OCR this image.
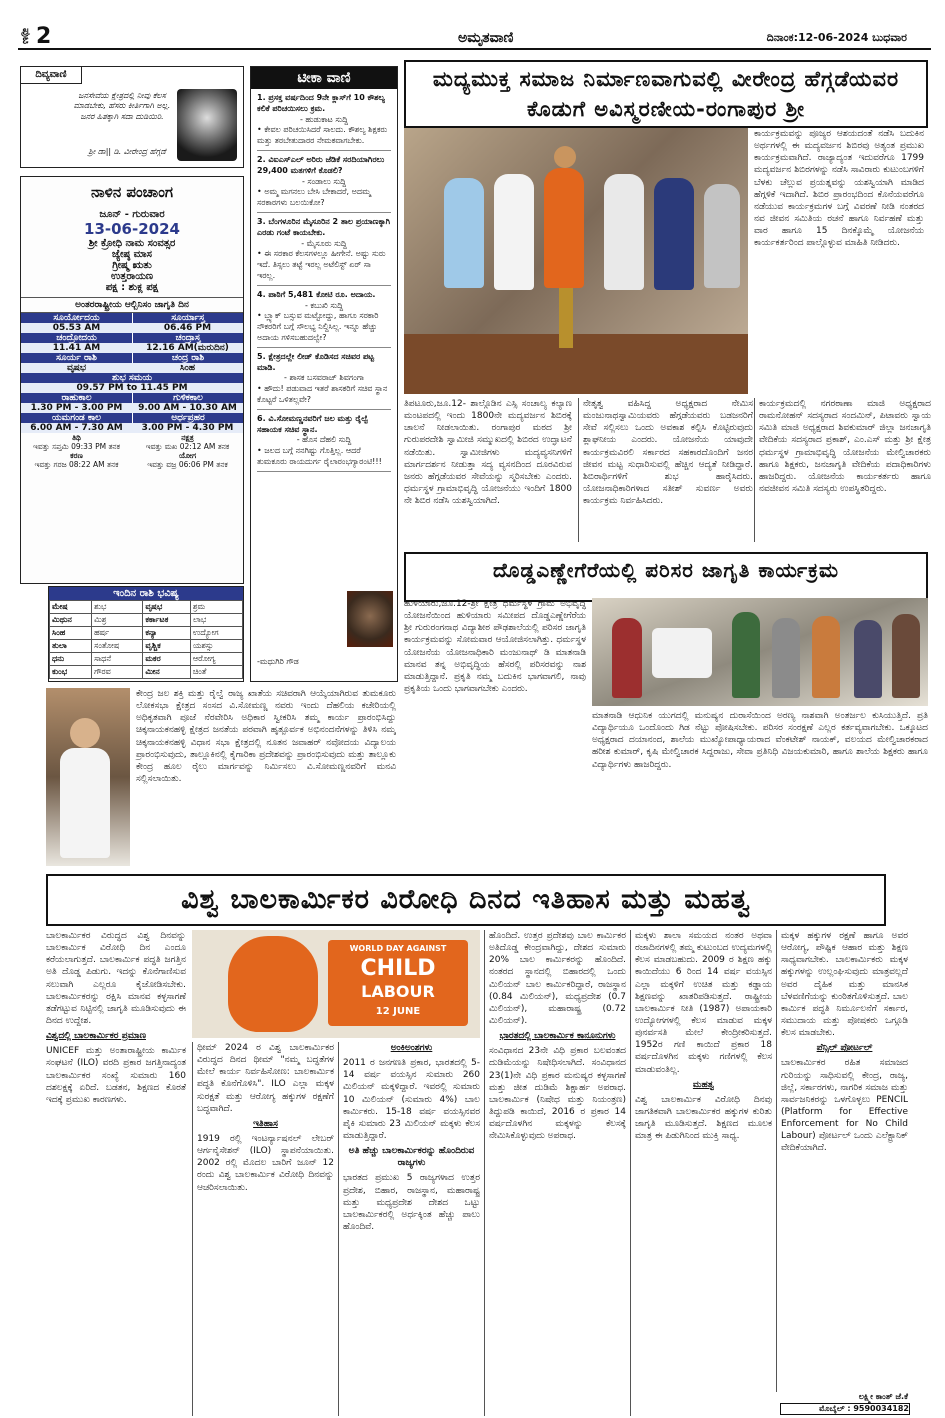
ಪುಟ 2	ಅಮೃತವಾಣಿ	ದಿನಾಂಕ:12-06-2024 ಬುಧವಾರ
ದಿವ್ಯವಾಣಿ
ಜನಸೇವೆಯ ಕ್ಷೇತ್ರದಲ್ಲಿ ನೀವು ಕೆಲಸ ಮಾಡಬೇಕು, ಹೆಸರು ಕೀರ್ತಿಗಾಗಿ ಅಲ್ಲ. ಜನರ ಹಿತಕ್ಕಾಗಿ ಸದಾ ದುಡಿಯಿರಿ.
ಶ್ರೀ ಡಾ|| ಡಿ. ವೀರೇಂದ್ರ ಹೆಗ್ಗಡೆ
ನಾಳಿನ ಪಂಚಾಂಗ
ಜೂನ್ - ಗುರುವಾರ
13-06-2024
ಶ್ರೀ ಕ್ರೋಧಿ ನಾಮ ಸಂವತ್ಸರ
ಜ್ಯೇಷ್ಠ ಮಾಸ
ಗ್ರೀಷ್ಮ ಋತು
ಉತ್ತರಾಯಣ
ಪಕ್ಷ : ಶುಕ್ಲ ಪಕ್ಷ
ಅಂತರರಾಷ್ಟ್ರೀಯ ಆಲ್ಬಿನಿಸಂ ಜಾಗೃತಿ ದಿನ
ಸೂರ್ಯೋದಯ	ಸೂರ್ಯಾಸ್ತ
05.53 AM	06.46 PM
ಚಂದ್ರೋದಯ	ಚಂದ್ರಾಸ್ತ
11.41 AM	12.16 AM(ಮರುದಿನ)
ಸೂರ್ಯ ರಾಶಿ	ಚಂದ್ರ ರಾಶಿ
ವೃಷಭ	ಸಿಂಹ
ಶುಭ ಸಮಯ
09.57 PM to 11.45 PM
ರಾಹುಕಾಲ	ಗುಳಿಕಕಾಲ
1.30 PM - 3.00 PM	9.00 AM - 10.30 AM
ಯಮಗಂಡ ಕಾಲ	ಅರ್ಧಪ್ರಹರ
6.00 AM - 7.30 AM	3.00 PM - 4.30 PM
ತಿಥಿ	ನಕ್ಷತ್ರ
ಇವತ್ತು ಸಪ್ತಮಿ 09:33 PM ತನಕ	ಇವತ್ತು ಮಖ 02:12 AM ತನಕ
ಕರಣ	ಯೋಗ
ಇವತ್ತು ಗರಜ 08:22 AM ತನಕ	ಇವತ್ತು ವಜ್ರ 06:06 PM ತನಕ
ಇಂದಿನ ರಾಶಿ ಭವಿಷ್ಯ
ಮೇಷ	ಶುಭ	ವೃಷಭ	ಶ್ರಮ
ಮಿಥುನ	ಮಿಶ್ರ	ಕರ್ಕಾಟಕ	ಲಾಭ
ಸಿಂಹ	ಹರ್ಷ	ಕನ್ಯಾ	ಉದ್ಯೋಗ
ತುಲಾ	ಸಂತೋಷ	ವೃಶ್ಚಿಕ	ಯಶಸ್ಸು
ಧನು	ಸಾಧನೆ	ಮಕರ	ಆರೋಗ್ಯ
ಕುಂಭ	ಗೌರವ	ಮೀನ	ಚಿಂತೆ
ಟೀಕಾ ವಾಣಿ
1. ಪ್ರಸಕ್ತ ವರ್ಷದಿಂದ 9ನೇ ಕ್ಲಾಸ್‌ಗೆ 10 ಕೌಶಲ್ಯ ಕಲಿಕೆ ಪರಿಚಯಿಸಲು ಕ್ರಮ.
- ಹುಡುಕಾಟ ಸುದ್ದಿ
• ಕೇವಲ ಪರಿಚಯಿಸಿದರೆ ಸಾಲದು. ಕೌಶಲ್ಯ ಶಿಕ್ಷಕರು ಮತ್ತು ತರಬೇತುದಾರರ ನೇಮಕವಾಗಬೇಕು.
2. ವಿಐಎಸ್‌ಎಲ್ ಅರಿರು ಜೆಡಿಕೆ ಸರದಿಯಾಗಿರಲು 29,400 ಮತಗಳಿಗೆ ಕೊಡಲಿ?
- ಸಂಡಾಲು ಸುದ್ದಿ
• ಅಮ್ಮ ಮಗನಲು ಬೇಸಿ ಬೇಕಾದರೆ, ಅದಮ್ಮ ಸರಕಾರಗಳು ಬಲಯಿಕೋ?
3. ಬೆಂಗಳೂರಿನ ಮೈಸೂರಿನ 2 ತಾಲ ಪ್ರಯಾಣಕ್ಕಾಗಿ ಎರಡು ಗಂಟೆ ಕಾಯಬೇಕು.
- ಮೈಸೂರು ಸುದ್ದಿ
• ಈ ಸರಕಾರ ಕೆಲಸಗಳಲ್ಲೂ ಹೀಗೇನೆ. ಅಷ್ಟು ಸುರು ಇದೆ. ತಿಸ್ಸಲು ತಟ್ಟೆ ಇರಲ್ಲ ಅಟೆಲಿಸ್ಟ್ ಏರ್ ಸಾ ಇರಲ್ಲ.
4. ಪಾಠಿಗೆ 5,481 ಕೋಟಿ ರೂ. ಅದಾಯ.
- ಕಬುಖಿ ಸುದ್ದಿ
• ಬ್ಲ್ಯಾಕ್ ಬಸ್ಸುವ ಮಟ್ಟೋದ್ದು, ಹಾಗೂ ಸರಕಾರಿ ನೌಕರರಿಗೆ ಬಗ್ಗೆ ಸೌಲಭ್ಯ ನಿಲ್ದಿಸಿಲ್ಲ. ಇನ್ನೂ ಹೆಚ್ಚು ಅದಾಯ ಗಳಿಸಬಹುದಲ್ವೇ?
5. ಕ್ಷೇತ್ರದಲ್ಲೇ ಲೀಡ್ ಕೊಡಿಸದ ಸಚಿವರ ಪಟ್ಟ ಮಾಡಿ.
- ಶಾಸಕ ಬಸವರಾಜ್ ಶಿವಗಂಗಾ
• ಹೌದು! ಪಡುವಾದ ಇತರೆ ಶಾಸಕರಿಗೆ ಸಚಿವ ಸ್ಥಾನ ಕೊಟ್ಟರೆ ಒಳಿತಲ್ಲವೇ?
6. ವಿ.ಸೋಮಣ್ಣನವರಿಗೆ ಜಲ ಮತ್ತು ರೈಲ್ವೆ ಸಹಾಯಕ ಸಚಿವ ಸ್ಥಾನ.
- ಹೊಸ ದೆಹಲಿ ಸುದ್ದಿ
• ಜಲದ ಬಗ್ಗೆ ನನಗಿಷ್ಟು ಗೊತ್ತಿಲ್ಲ. ಆದರೆ ತುಮಕೂರು ರಾಯದುರ್ಗ ರೈಲಾರಂಭಗ್ಯಾರಂಟಿ!!!
-ಮಧುಗಿರಿ ಗೌಡ
ಮದ್ಯಮುಕ್ತ ಸಮಾಜ ನಿರ್ಮಾಣವಾಗುವಲ್ಲಿ ವೀರೇಂದ್ರ ಹೆಗ್ಗಡೆಯವರ ಕೊಡುಗೆ ಅವಿಸ್ಮರಣೀಯ-ರಂಗಾಪುರ ಶ್ರೀ
ಕಾರ್ಯಕ್ರಮವನ್ನು ಪೂಜ್ಯರ ಆಶಯದಂತೆ ನಡೆಸಿ ಬದುಕಿನ ಅರ್ಥಗಳಲ್ಲಿ ಈ ಮದ್ಯವರ್ಜನ ಶಿಬಿರವು ಅತ್ಯಂತ ಪ್ರಮುಖ ಕಾರ್ಯಕ್ರಮವಾಗಿದೆ. ರಾಜ್ಯಾದ್ಯಂತ ಇದುವರೆಗೂ 1799 ಮದ್ಯವರ್ಜನ ಶಿಬಿರಗಳನ್ನು ನಡೆಸಿ ಸಾವಿರಾರು ಕುಟುಂಬಗಳಿಗೆ ಬೆಳಕು ಚೆಲ್ಲುವ ಪ್ರಯತ್ನವನ್ನು ಯಶಸ್ವಿಯಾಗಿ ಮಾಡಿದ ಹೆಗ್ಗಳಿಕೆ ಇದಾಗಿದೆ. ಶಿಬಿರ ಪ್ರಾರಂಭದಿಂದ ಕೊನೆಯವರೆಗೂ ನಡೆಯುವ ಕಾರ್ಯಕ್ರಮಗಳ ಬಗ್ಗೆ ವಿವರಣೆ ನೀಡಿ ನಂತರದ ನವ ಜೀವನ ಸಮಿತಿಯ ರಚನೆ ಹಾಗೂ ನಿರ್ವಹಣೆ ಮತ್ತು ವಾರ ಹಾಗೂ 15 ದಿನಕ್ಕೊಮ್ಮೆ ಯೋಜನೆಯ ಕಾರ್ಯಕರ್ತರಿಂದ ಪಾಲ್ಗೊಳ್ಳುವ ಮಾಹಿತಿ ನೀಡಿದರು.
ತಿಪಟೂರು,ಜೂ.12- ಶಾಲ್ಗೊಡಿನ ಎಸ್ಸಿ ಸಂಚಾಲ್ಯ ಕಲ್ಯಾಣ ಮಂಟಪದಲ್ಲಿ ಇಂದು 1800ನೇ ಮದ್ಯವರ್ಜನ ಶಿಬಿರಕ್ಕೆ ಚಾಲನೆ ನೀಡಲಾಯಿತು. ರಂಗಾಪುರ ಮಠದ ಶ್ರೀ ಗುರುಪರದೇಶಿ ಸ್ವಾಮೀಜಿ ಸಮ್ಮುಖದಲ್ಲಿ ಶಿಬಿರದ ಉದ್ಘಾಟನೆ ನಡೆಯಿತು. ಸ್ವಾಮೀಜಿಗಳು ಮದ್ಯವ್ಯಸನಿಗಳಿಗೆ ಮಾರ್ಗದರ್ಶನ ನೀಡುತ್ತಾ ಸದ್ಯ ವ್ಯಸನದಿಂದ ದೂರವಿರುವ ಜನರು ಹೆಗ್ಗಡೆಯವರ ಸೇವೆಯನ್ನು ಸ್ಮರಿಸಬೇಕು ಎಂದರು. ಧರ್ಮಸ್ಥಳ ಗ್ರಾಮಾಭಿವೃದ್ಧಿ ಯೋಜನೆಯು ಇಂದಿಗೆ 1800 ನೇ ಶಿಬಿರ ನಡೆಸಿ ಯಶಸ್ವಿಯಾಗಿದೆ.
ನೇತೃತ್ವ ವಹಿಸಿದ್ದ ಅಧ್ಯಕ್ಷರಾದ ನೇಮಿಸ ಮಂಜುನಾಥಸ್ವಾಮಿಯವರು ಹೆಗ್ಗಡೆಯವರು ಬಡಜನರಿಗೆ ಸೇವೆ ಸಲ್ಲಿಸಲು ಒಂದು ಅವಕಾಶ ಕಲ್ಪಿಸಿ ಕೊಟ್ಟಿರುವುದು ಶ್ಲಾಘನೀಯ ಎಂದರು. ಯೋಜನೆಯ ಯಾವುದೇ ಕಾರ್ಯಕ್ರಮವಿರಲಿ ಸರ್ಕಾರದ ಸಹಕಾರದೊಂದಿಗೆ ಜನರ ಜೀವನ ಮಟ್ಟ ಸುಧಾರಿಸುವಲ್ಲಿ ಹೆಚ್ಚಿನ ಆದ್ಯತೆ ನೀಡಿದ್ದಾರೆ. ಶಿಬಿರಾರ್ಥಿಗಳಿಗೆ ಶುಭ ಹಾರೈಸಿದರು. ಯೋಜನಾಧಿಕಾರಿಗಳಾದ ಸತೀಶ್ ಸುವರ್ಣ ಅವರು ಕಾರ್ಯಕ್ರಮ ನಿರ್ವಹಿಸಿದರು.
ಕಾರ್ಯಕ್ರಮದಲ್ಲಿ ನಗರಠಾಣಾ ಮಾಜಿ ಅಧ್ಯಕ್ಷರಾದ ರಾಮನೋಹನ್ ಸದಸ್ಯರಾದ ಸಂದಮಿನ್, ಪಿಟಾವರು ಸ್ವಾಯ ಸಮಿತಿ ಮಾಜಿ ಅಧ್ಯಕ್ಷರಾದ ಶಿವಕುಮಾರ್ ಜಿಲ್ಲಾ ಜನಜಾಗೃತಿ ವೇದಿಕೆಯ ಸದಸ್ಯರಾದ ಪ್ರಕಾಶ್, ಎಂ.ಎಸ್ ಮತ್ತು ಶ್ರೀ ಕ್ಷೇತ್ರ ಧರ್ಮಸ್ಥಳ ಗ್ರಾಮಾಭಿವೃದ್ಧಿ ಯೋಜನೆಯ ಮೇಲ್ವಿಚಾರಕರು ಹಾಗೂ ಶಿಕ್ಷಕರು, ಜನಜಾಗೃತಿ ವೇದಿಕೆಯ ಪದಾಧಿಕಾರಿಗಳು ಹಾಜರಿದ್ದರು. ಯೋಜನೆಯ ಕಾರ್ಯಕರ್ತರು ಹಾಗೂ ನವಜೀವನ ಸಮಿತಿ ಸದಸ್ಯರು ಉಪಸ್ಥಿತರಿದ್ದರು.
ದೊಡ್ಡಎಣ್ಣೇಗೆರೆಯಲ್ಲಿ ಪರಿಸರ ಜಾಗೃತಿ ಕಾರ್ಯಕ್ರಮ
ಹುಳಿಯಾರು,ಜೂ.12-ಶ್ರೀ ಕ್ಷೇತ್ರ ಧರ್ಮಸ್ಥಳ ಗ್ರಾಮ ಅಭಿವೃದ್ಧಿ ಯೋಜನೆಯಿಂದ ಹುಳಿಯಾರು ಸಮೀಪದ ದೊಡ್ಡಎಣ್ಣೇಗೆರೆಯ ಶ್ರೀ ಗುರುರಂಗನಾಥ ವಿದ್ಯಾಶೀಠ ಪೌಢಶಾಲೆಯಲ್ಲಿ ಪರಿಸರ ಜಾಗೃತಿ ಕಾರ್ಯಕ್ರಮವನ್ನು ಸೋಮವಾರ ಆಯೋಜಿಸಲಾಗಿತ್ತು. ಧರ್ಮಸ್ಥಳ ಯೋಜನೆಯ ಯೋಜನಾಧಿಕಾರಿ ಮಂಜುನಾಥ್ ಡಿ ಮಾತನಾಡಿ ಮಾನವ ತನ್ನ ಅಭಿವೃದ್ಧಿಯ ಹೆಸರಲ್ಲಿ ಪರಿಸರವನ್ನು ನಾಶ ಮಾಡುತ್ತಿದ್ದಾನೆ. ಪ್ರಕೃತಿ ನಮ್ಮ ಬದುಕಿನ ಭಾಗವಾಗಲಿ, ನಾವು ಪ್ರಕೃತಿಯ ಒಂದು ಭಾಗವಾಗಬೇಕು ಎಂದರು.
ಮಾತನಾಡಿ ಆಧುನಿಕ ಯುಗದಲ್ಲಿ ಮನುಷ್ಯನ ದುರಾಸೆಯಿಂದ ಅರಣ್ಯ ನಾಶವಾಗಿ ಅಂತರ್ಜಲ ಕುಸಿಯುತ್ತಿದೆ. ಪ್ರತಿ ವಿದ್ಯಾರ್ಥಿಯೂ ಒಂದೊಂದು ಗಿಡ ನೆಟ್ಟು ಪೋಷಿಸಬೇಕು. ಪರಿಸರ ಸಂರಕ್ಷಣೆ ಎಲ್ಲರ ಕರ್ತವ್ಯವಾಗಬೇಕು. ಒಕ್ಕೂಟದ ಅಧ್ಯಕ್ಷರಾದ ದಯಾನಂದ, ಶಾಲೆಯ ಮುಖ್ಯೋಪಾಧ್ಯಾಯರಾದ ವೆಂಕಟೇಶ್ ನಾಯಕ್, ವಲಯದ ಮೇಲ್ವಿಚಾರಕರಾದ ಹರೀಶ ಕುಮಾರ್, ಕೃಷಿ ಮೇಲ್ವಿಚಾರಕ ಸಿದ್ದರಾಜು, ಸೇವಾ ಪ್ರತಿನಿಧಿ ವಿಜಯಕುಮಾರಿ, ಹಾಗೂ ಶಾಲೆಯ ಶಿಕ್ಷಕರು ಹಾಗೂ ವಿದ್ಯಾರ್ಥಿಗಳು ಹಾಜರಿದ್ದರು.
ಕೇಂದ್ರ ಜಲ ಶಕ್ತಿ ಮತ್ತು ರೈಲ್ವೆ ರಾಜ್ಯ ಖಾತೆಯ ಸಚಿವರಾಗಿ ಆಯ್ಕೆಯಾಗಿರುವ ತುಮಕೂರು ಲೋಕಸಭಾ ಕ್ಷೇತ್ರದ ಸಂಸದ ವಿ.ಸೋಮಣ್ಣ ನವರು ಇಂದು ದೆಹಲಿಯ ಕಚೇರಿಯಲ್ಲಿ ಅಧಿಕೃತವಾಗಿ ಪೂಜೆ ನೆರವೇರಿಸಿ ಅಧಿಕಾರ ಸ್ವೀಕರಿಸಿ ತಮ್ಮ ಕಾರ್ಯ ಪ್ರಾರಂಭಿಸಿದ್ದು ಚಿಕ್ಕನಾಯಕನಹಳ್ಳಿ ಕ್ಷೇತ್ರದ ಜನತೆಯ ಪರವಾಗಿ ಹೃತ್ಪೂರ್ವಕ ಅಭಿನಂದನೆಗಳನ್ನು ತಿಳಿಸಿ ನಮ್ಮ ಚಿಕ್ಕನಾಯಕನಹಳ್ಳಿ ವಿಧಾನ ಸಭಾ ಕ್ಷೇತ್ರದಲ್ಲಿ ನೂತನ ಜವಾಹರ್ ನವೋದಯ ವಿದ್ಯಾಲಯ ಪ್ರಾರಂಭಿಸುವುದು, ತಾಲ್ಲೂಕಿನಲ್ಲಿ ಕೈಗಾರಿಕಾ ಪ್ರದೇಶವನ್ನು ಪ್ರಾರಂಭಿಸುವುದು ಮತ್ತು ತಾಲ್ಲೂಕು ಕೇಂದ್ರ ಹೂಲ ರೈಲು ಮಾರ್ಗವನ್ನು ನಿರ್ಮಿಸಲು ವಿ.ಸೋಮಣ್ಣನವರಿಗೆ ಮನವಿ ಸಲ್ಲಿಸಲಾಯಿತು.
ವಿಶ್ವ ಬಾಲಕಾರ್ಮಿಕರ ವಿರೋಧಿ ದಿನದ ಇತಿಹಾಸ ಮತ್ತು ಮಹತ್ವ

ಬಾಲಕಾರ್ಮಿಕರ ವಿರುದ್ಧದ ವಿಶ್ವ ದಿನವನ್ನು ಬಾಲಕಾರ್ಮಿಕ ವಿರೋಧಿ ದಿನ ಎಂದೂ ಕರೆಯಲಾಗುತ್ತದೆ. ಬಾಲಕಾರ್ಮಿಕ ಪದ್ಧತಿ ಜಗತ್ತಿನ ಅತಿ ದೊಡ್ಡ ಪಿಡುಗು. ಇದನ್ನು ಕೊನೆಗಾಣಿಸುವ ಸಲುವಾಗಿ ಎಲ್ಲರೂ ಕೈಜೋಡಿಸಬೇಕು. ಬಾಲಕಾರ್ಮಿಕರನ್ನು ರಕ್ಷಿಸಿ ಮಾನವ ಕಳ್ಳಸಾಗಣೆ ತಡೆಗಟ್ಟುವ ನಿಟ್ಟಿನಲ್ಲಿ ಜಾಗೃತಿ ಮೂಡಿಸುವುದು ಈ ದಿನದ ಉದ್ದೇಶ.

ವಿಶ್ವದಲ್ಲಿ ಬಾಲಕಾರ್ಮಿಕರ ಪ್ರಮಾಣ

UNICEF ಮತ್ತು ಅಂತಾರಾಷ್ಟ್ರೀಯ ಕಾರ್ಮಿಕ ಸಂಘಟನೆ (ILO) ವರದಿ ಪ್ರಕಾರ ಜಗತ್ತಿನಾದ್ಯಂತ ಬಾಲಕಾರ್ಮಿಕರ ಸಂಖ್ಯೆ ಸುಮಾರು 160 ದಶಲಕ್ಷಕ್ಕೆ ಏರಿದೆ. ಬಡತನ, ಶಿಕ್ಷಣದ ಕೊರತೆ ಇದಕ್ಕೆ ಪ್ರಮುಖ ಕಾರಣಗಳು.

WORLD DAY AGAINST
CHILD
LABOUR
12 JUNE

ಥೀಮ್ 2024 ರ ವಿಶ್ವ ಬಾಲಕಾರ್ಮಿಕರ ವಿರುದ್ಧದ ದಿನದ ಥೀಮ್ "ನಮ್ಮ ಬದ್ಧತೆಗಳ ಮೇಲೆ ಕಾರ್ಯ ನಿರ್ವಹಿಸೋಣ: ಬಾಲಕಾರ್ಮಿಕ ಪದ್ಧತಿ ಕೊನೆಗೊಳಿಸಿ". ILO ಎಲ್ಲಾ ಮಕ್ಕಳ ಸುರಕ್ಷತೆ ಮತ್ತು ಆರೋಗ್ಯ ಹಕ್ಕುಗಳ ರಕ್ಷಣೆಗೆ ಬದ್ಧವಾಗಿದೆ.

ಇತಿಹಾಸ

1919 ರಲ್ಲಿ ಇಂಟರ್ನ್ಯಾಷನಲ್ ಲೇಬರ್ ಆರ್ಗನೈಸೇಶನ್ (ILO) ಸ್ಥಾಪನೆಯಾಯಿತು. 2002 ರಲ್ಲಿ ಮೊದಲ ಬಾರಿಗೆ ಜೂನ್ 12 ರಂದು ವಿಶ್ವ ಬಾಲಕಾರ್ಮಿಕ ವಿರೋಧಿ ದಿನವನ್ನು ಆಚರಿಸಲಾಯಿತು.

ಅಂಕಿಅಂಶಗಳು

2011 ರ ಜನಗಣತಿ ಪ್ರಕಾರ, ಭಾರತದಲ್ಲಿ 5-14 ವರ್ಷ ವಯಸ್ಸಿನ ಸುಮಾರು 260 ಮಿಲಿಯನ್ ಮಕ್ಕಳಿದ್ದಾರೆ. ಇವರಲ್ಲಿ ಸುಮಾರು 10 ಮಿಲಿಯನ್ (ಸುಮಾರು 4%) ಬಾಲ ಕಾರ್ಮಿಕರು. 15-18 ವರ್ಷ ವಯಸ್ಸಿನವರ ಪೈಕಿ ಸುಮಾರು 23 ಮಿಲಿಯನ್ ಮಕ್ಕಳು ಕೆಲಸ ಮಾಡುತ್ತಿದ್ದಾರೆ.

ಅತಿ ಹೆಚ್ಚು ಬಾಲಕಾರ್ಮಿಕರನ್ನು ಹೊಂದಿರುವ ರಾಜ್ಯಗಳು

ಭಾರತದ ಪ್ರಮುಖ 5 ರಾಜ್ಯಗಳಾದ ಉತ್ತರ ಪ್ರದೇಶ, ಬಿಹಾರ, ರಾಜಸ್ಥಾನ, ಮಹಾರಾಷ್ಟ್ರ ಮತ್ತು ಮಧ್ಯಪ್ರದೇಶ ದೇಶದ ಒಟ್ಟು ಬಾಲಕಾರ್ಮಿಕರಲ್ಲಿ ಅರ್ಧಕ್ಕಿಂತ ಹೆಚ್ಚು ಪಾಲು ಹೊಂದಿವೆ.

ಹೊಂದಿದೆ. ಉತ್ತರ ಪ್ರದೇಶವು ಬಾಲ ಕಾರ್ಮಿಕರ ಅತಿದೊಡ್ಡ ಕೇಂದ್ರವಾಗಿದ್ದು, ದೇಶದ ಸುಮಾರು 20% ಬಾಲ ಕಾರ್ಮಿಕರನ್ನು ಹೊಂದಿದೆ. ನಂತರದ ಸ್ಥಾನದಲ್ಲಿ ಬಿಹಾರದಲ್ಲಿ ಒಂದು ಮಿಲಿಯನ್ ಬಾಲ ಕಾರ್ಮಿಕರಿದ್ದಾರೆ, ರಾಜಸ್ಥಾನ (0.84 ಮಿಲಿಯನ್), ಮಧ್ಯಪ್ರದೇಶ (0.7 ಮಿಲಿಯನ್), ಮಹಾರಾಷ್ಟ್ರ (0.72 ಮಿಲಿಯನ್).

ಭಾರತದಲ್ಲಿ ಬಾಲಕಾರ್ಮಿಕ ಕಾನೂನುಗಳು

ಸಂವಿಧಾನದ 23ನೇ ವಿಧಿ ಪ್ರಕಾರ ಬಲವಂತದ ದುಡಿಮೆಯನ್ನು ನಿಷೇಧಿಸಲಾಗಿದೆ. ಸಂವಿಧಾನದ 23(1)ನೇ ವಿಧಿ ಪ್ರಕಾರ ಮನುಷ್ಯರ ಕಳ್ಳಸಾಗಣೆ ಮತ್ತು ಜೀತ ದುಡಿಮೆ ಶಿಕ್ಷಾರ್ಹ ಅಪರಾಧ. ಬಾಲಕಾರ್ಮಿಕ (ನಿಷೇಧ ಮತ್ತು ನಿಯಂತ್ರಣ) ತಿದ್ದುಪಡಿ ಕಾಯಿದೆ, 2016 ರ ಪ್ರಕಾರ 14 ವರ್ಷದೊಳಗಿನ ಮಕ್ಕಳನ್ನು ಕೆಲಸಕ್ಕೆ ನೇಮಿಸಿಕೊಳ್ಳುವುದು ಅಪರಾಧ.

ಮಕ್ಕಳು ಶಾಲಾ ಸಮಯದ ನಂತರ ಅಥವಾ ರಜಾದಿನಗಳಲ್ಲಿ ತಮ್ಮ ಕುಟುಂಬದ ಉದ್ಯಮಗಳಲ್ಲಿ ಕೆಲಸ ಮಾಡಬಹುದು. 2009 ರ ಶಿಕ್ಷಣ ಹಕ್ಕು ಕಾಯಿದೆಯು 6 ರಿಂದ 14 ವರ್ಷ ವಯಸ್ಸಿನ ಎಲ್ಲಾ ಮಕ್ಕಳಿಗೆ ಉಚಿತ ಮತ್ತು ಕಡ್ಡಾಯ ಶಿಕ್ಷಣವನ್ನು ಖಾತರಿಪಡಿಸುತ್ತದೆ. ರಾಷ್ಟ್ರೀಯ ಬಾಲಕಾರ್ಮಿಕ ನೀತಿ (1987) ಅಪಾಯಕಾರಿ ಉದ್ಯೋಗಗಳಲ್ಲಿ ಕೆಲಸ ಮಾಡುವ ಮಕ್ಕಳ ಪುನರ್ವಸತಿ ಮೇಲೆ ಕೇಂದ್ರೀಕರಿಸುತ್ತದೆ. 1952ರ ಗಣಿ ಕಾಯಿದೆ ಪ್ರಕಾರ 18 ವರ್ಷದೊಳಗಿನ ಮಕ್ಕಳು ಗಣಿಗಳಲ್ಲಿ ಕೆಲಸ ಮಾಡುವಂತಿಲ್ಲ.

ಮಹತ್ವ

ವಿಶ್ವ ಬಾಲಕಾರ್ಮಿಕ ವಿರೋಧಿ ದಿನವು ಜಾಗತಿಕವಾಗಿ ಬಾಲಕಾರ್ಮಿಕರ ಹಕ್ಕುಗಳ ಕುರಿತು ಜಾಗೃತಿ ಮೂಡಿಸುತ್ತದೆ. ಶಿಕ್ಷಣದ ಮೂಲಕ ಮಾತ್ರ ಈ ಪಿಡುಗಿನಿಂದ ಮುಕ್ತಿ ಸಾಧ್ಯ.

ಮಕ್ಕಳ ಹಕ್ಕುಗಳ ರಕ್ಷಣೆ ಹಾಗೂ ಅವರ ಆರೋಗ್ಯ, ಪೌಷ್ಟಿಕ ಆಹಾರ ಮತ್ತು ಶಿಕ್ಷಣ ಸಾಧ್ಯವಾಗಬೇಕು. ಬಾಲಕಾರ್ಮಿಕರು ಮಕ್ಕಳ ಹಕ್ಕುಗಳನ್ನು ಉಲ್ಲಂಘಿಸುವುದು ಮಾತ್ರವಲ್ಲದೆ ಅವರ ದೈಹಿಕ ಮತ್ತು ಮಾನಸಿಕ ಬೆಳವಣಿಗೆಯನ್ನು ಕುಂಠಿತಗೊಳಿಸುತ್ತದೆ. ಬಾಲ ಕಾರ್ಮಿಕ ಪದ್ಧತಿ ನಿರ್ಮೂಲನೆಗೆ ಸರ್ಕಾರ, ಸಮುದಾಯ ಮತ್ತು ಪೋಷಕರು ಒಗ್ಗೂಡಿ ಕೆಲಸ ಮಾಡಬೇಕು.

ಪೆನ್ಸಿಲ್ ಪೋರ್ಟಲ್

ಬಾಲಕಾರ್ಮಿಕರ ರಹಿತ ಸಮಾಜದ ಗುರಿಯನ್ನು ಸಾಧಿಸುವಲ್ಲಿ ಕೇಂದ್ರ, ರಾಜ್ಯ, ಜಿಲ್ಲೆ, ಸರ್ಕಾರಗಳು, ನಾಗರಿಕ ಸಮಾಜ ಮತ್ತು ಸಾರ್ವಜನಿಕರನ್ನು ಒಳಗೊಳ್ಳಲು PENCIL (Platform for Effective Enforcement for No Child Labour) ಪೋರ್ಟಲ್ ಒಂದು ಎಲೆಕ್ಟ್ರಾನಿಕ್ ವೇದಿಕೆಯಾಗಿದೆ.

ಲಕ್ಷ್ಮೀ ಕಾಂತ್ ಜೆ.ಕೆ
ಮೊಬೈಲ್ : 9590034182
